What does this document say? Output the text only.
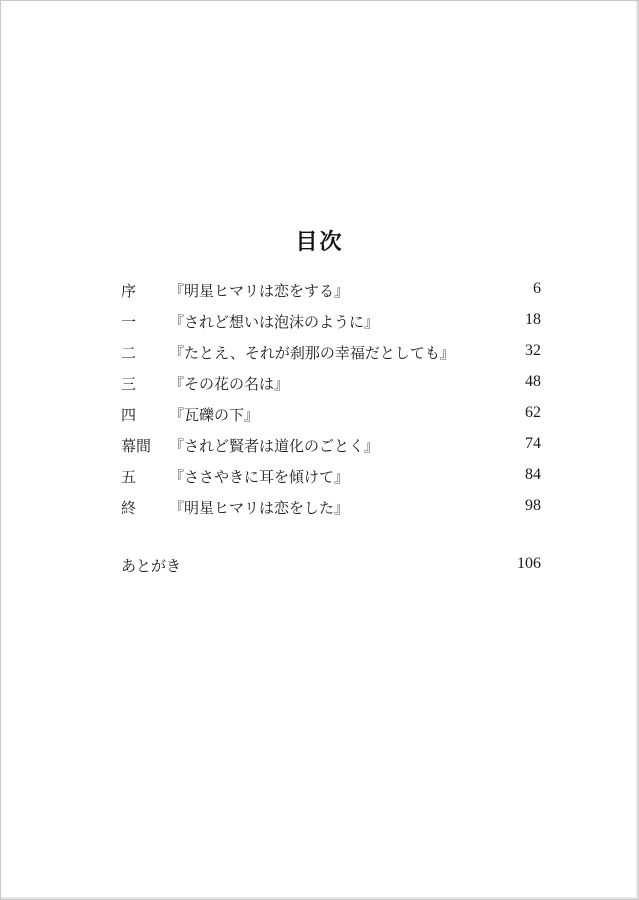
目次
序 『明星ヒマリは恋をする』	6
一 『されど想いは泡沫のように』	18
二 『たとえ、それが刹那の幸福だとしても』	32
三 『その花の名は』	48
四 『瓦礫の下』	62
幕間 『されど賢者は道化のごとく』	74
五 『ささやきに耳を傾けて』	84
終 『明星ヒマリは恋をした』	98
あとがき	106
